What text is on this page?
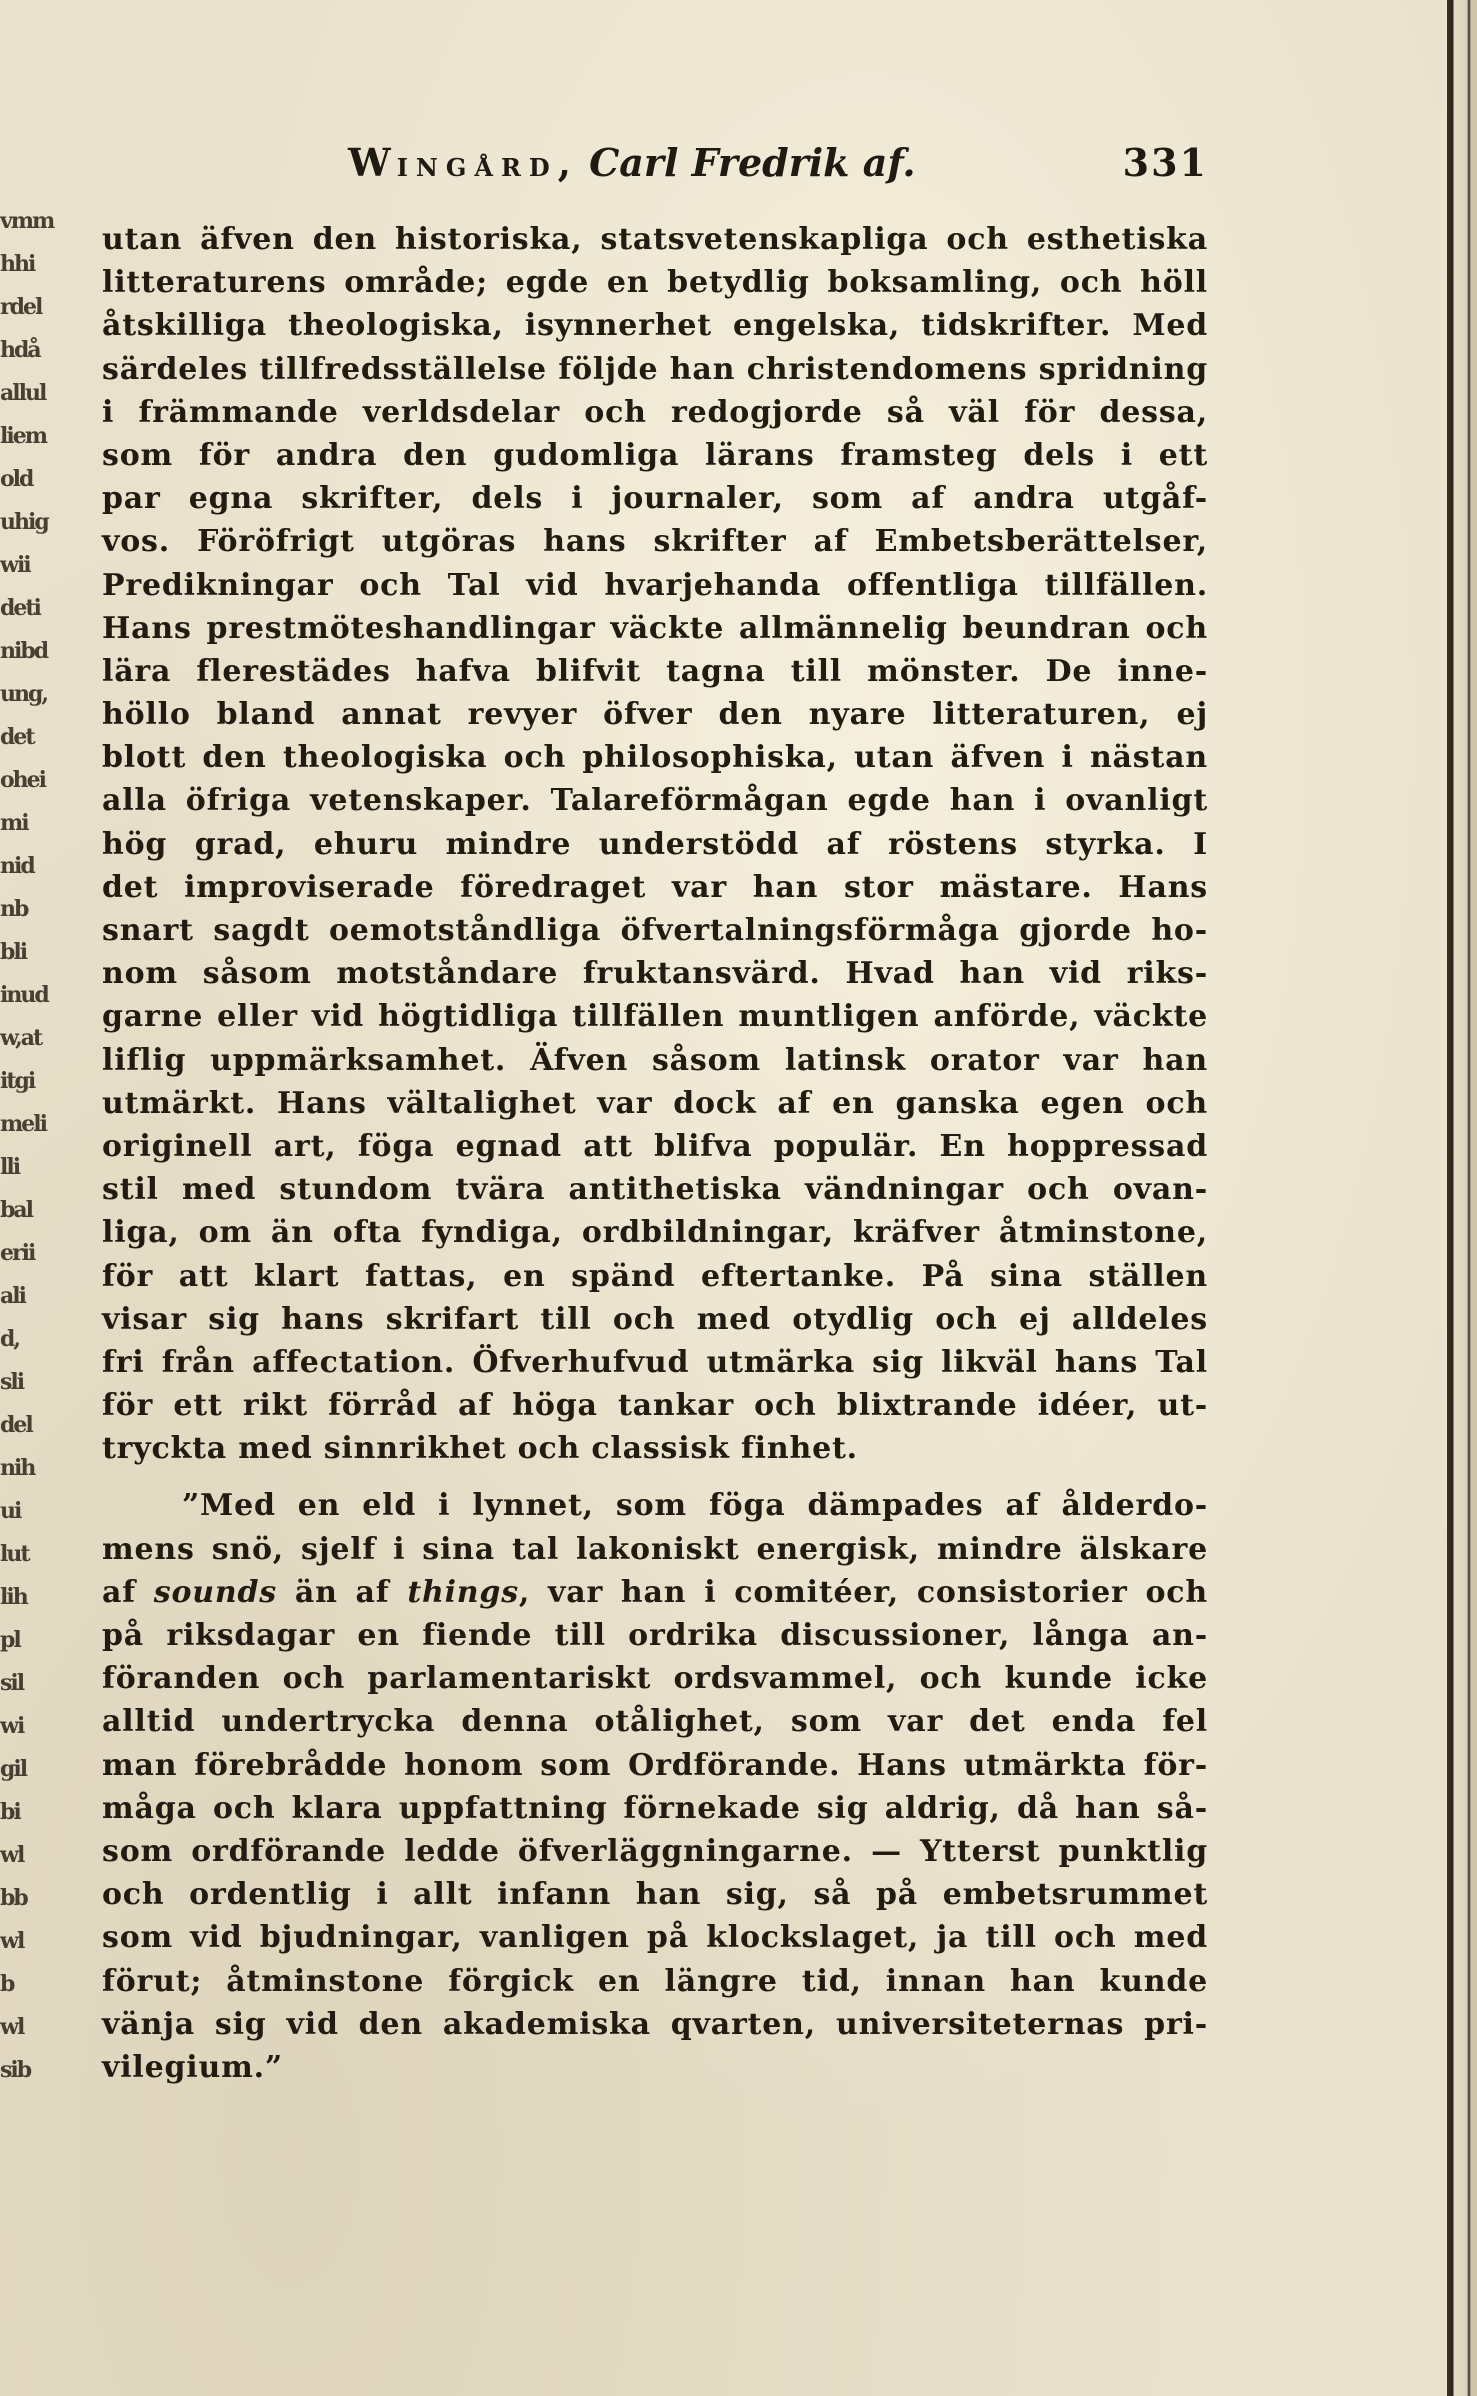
vmm
hhi
rdel
hdå
allul
liem
old
uhig
wii
deti
nibd
ung,
det
ohei
mi
nid
nb
bli
inud
w,at
itgi
meli
lli
bal
erii
ali
d,
sli
del
nih
ui
lut
lih
pl
sil
wi
gil
bi
wl
bb
wl
b
wl
sib
WINGÅRD, Carl Fredrik af.	331
utan äfven den historiska, statsvetenskapliga och esthetiska
litteraturens område; egde en betydlig boksamling, och höll
åtskilliga theologiska, isynnerhet engelska, tidskrifter. Med
särdeles tillfredsställelse följde han christendomens spridning
i främmande verldsdelar och redogjorde så väl för dessa,
som för andra den gudomliga lärans framsteg dels i ett
par egna skrifter, dels i journaler, som af andra utgåf-
vos. Föröfrigt utgöras hans skrifter af Embetsberättelser,
Predikningar och Tal vid hvarjehanda offentliga tillfällen.
Hans prestmöteshandlingar väckte allmännelig beundran och
lära flerestädes hafva blifvit tagna till mönster. De inne-
höllo bland annat revyer öfver den nyare litteraturen, ej
blott den theologiska och philosophiska, utan äfven i nästan
alla öfriga vetenskaper. Talareförmågan egde han i ovanligt
hög grad, ehuru mindre understödd af röstens styrka. I
det improviserade föredraget var han stor mästare. Hans
snart sagdt oemotståndliga öfvertalningsförmåga gjorde ho-
nom såsom motståndare fruktansvärd. Hvad han vid riks-
garne eller vid högtidliga tillfällen muntligen anförde, väckte
liflig uppmärksamhet. Äfven såsom latinsk orator var han
utmärkt. Hans vältalighet var dock af en ganska egen och
originell art, föga egnad att blifva populär. En hoppressad
stil med stundom tvära antithetiska vändningar och ovan-
liga, om än ofta fyndiga, ordbildningar, kräfver åtminstone,
för att klart fattas, en spänd eftertanke. På sina ställen
visar sig hans skrifart till och med otydlig och ej alldeles
fri från affectation. Öfverhufvud utmärka sig likväl hans Tal
för ett rikt förråd af höga tankar och blixtrande idéer, ut-
tryckta med sinnrikhet och classisk finhet.
”Med en eld i lynnet, som föga dämpades af ålderdo-
mens snö, sjelf i sina tal lakoniskt energisk, mindre älskare
af sounds än af things, var han i comitéer, consistorier och
på riksdagar en fiende till ordrika discussioner, långa an-
föranden och parlamentariskt ordsvammel, och kunde icke
alltid undertrycka denna otålighet, som var det enda fel
man förebrådde honom som Ordförande. Hans utmärkta för-
måga och klara uppfattning förnekade sig aldrig, då han så-
som ordförande ledde öfverläggningarne. — Ytterst punktlig
och ordentlig i allt infann han sig, så på embetsrummet
som vid bjudningar, vanligen på klockslaget, ja till och med
förut; åtminstone förgick en längre tid, innan han kunde
vänja sig vid den akademiska qvarten, universiteternas pri-
vilegium.”
